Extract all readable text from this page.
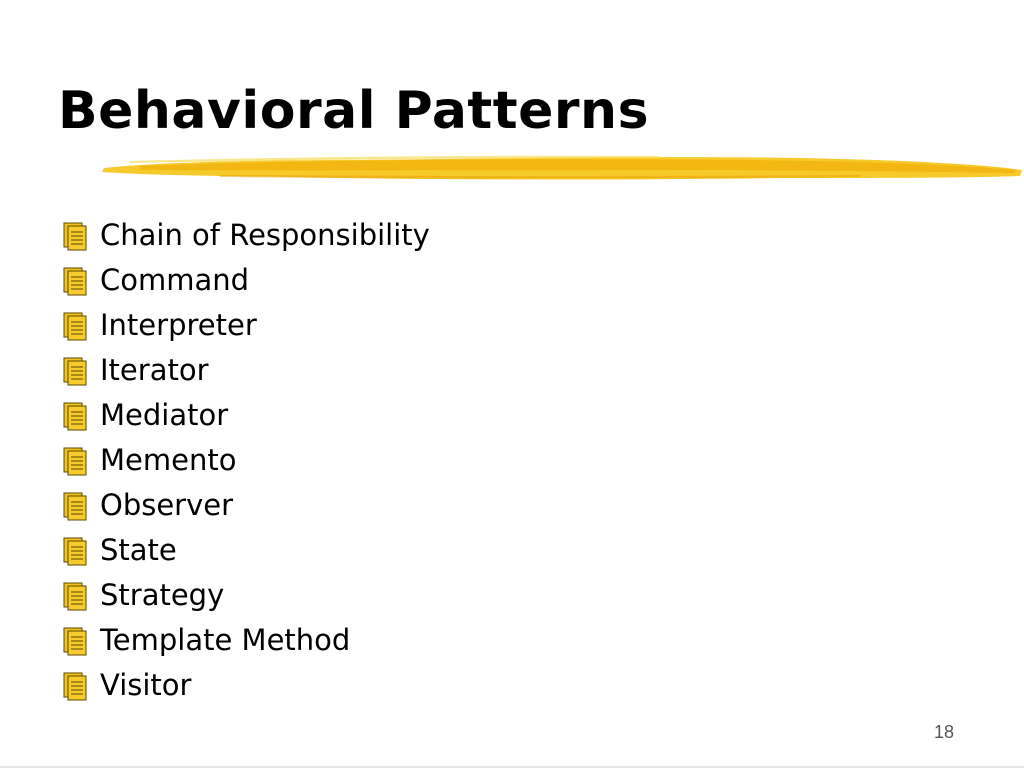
Behavioral Patterns
Chain of Responsibility
Command
Interpreter
Iterator
Mediator
Memento
Observer
State
Strategy
Template Method
Visitor
18
